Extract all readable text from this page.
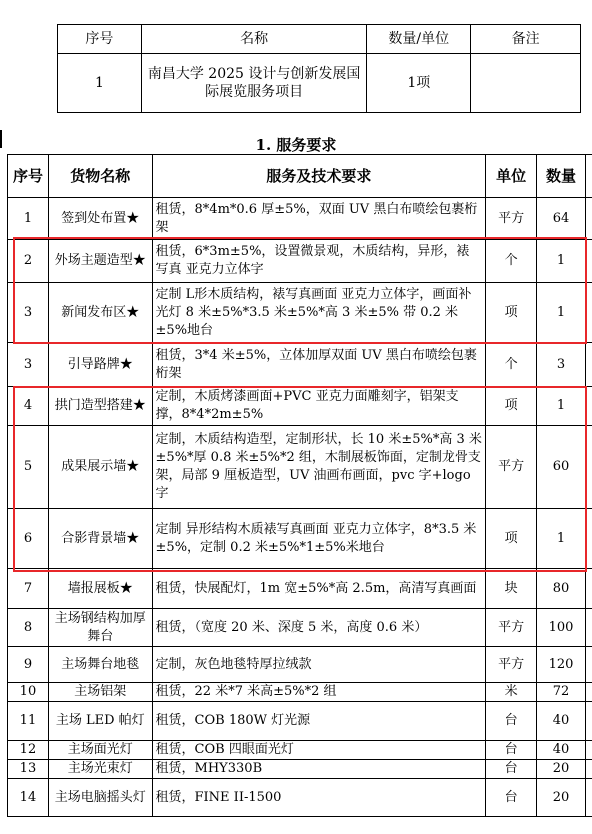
序号	名称	数量/单位	备注
1	南昌大学 2025 设计与创新发展国际展览服务项目	1项	
1. 服务要求
序号	货物名称	服务及技术要求	单位	数量	
1	签到处布置★	租赁，8*4m*0.6 厚±5%，双面 UV 黑白布喷绘包裹桁架	平方	64	
2	外场主题造型★	租赁，6*3m±5%，设置微景观，木质结构，异形，裱写真 亚克力立体字	个	1	
3	新闻发布区★	定制 L形木质结构，裱写真画面 亚克力立体字，画面补光灯 8 米±5%*3.5 米±5%*高 3 米±5% 带 0.2 米±5%地台	项	1	
3	引导路牌★	租赁，3*4 米±5%，立体加厚双面 UV 黑白布喷绘包裹桁架	个	3	
4	拱门造型搭建★	定制，木质烤漆画面+PVC 亚克力面雕刻字，铝架支撑，8*4*2m±5%	项	1	
5	成果展示墙★	定制，木质结构造型，定制形状，长 10 米±5%*高 3 米±5%*厚 0.8 米±5%*2 组，木制展板饰面，定制龙骨支架，局部 9 厘板造型，UV 油画布画面，pvc 字+logo 字	平方	60	
6	合影背景墙★	定制 异形结构木质裱写真画面 亚克力立体字，8*3.5 米±5%，定制 0.2 米±5%*1±5%米地台	项	1	
7	墙报展板★	租赁，快展配灯，1m 宽±5%*高 2.5m，高清写真画面	块	80	
8	主场钢结构加厚舞台	租赁，（宽度 20 米、深度 5 米，高度 0.6 米）	平方	100	
9	主场舞台地毯	定制，灰色地毯特厚拉绒款	平方	120	
10	主场铝架	租赁，22 米*7 米高±5%*2 组	米	72	
11	主场 LED 帕灯	租赁，COB 180W 灯光源	台	40	
12	主场面光灯	租赁，COB 四眼面光灯	台	40	
13	主场光束灯	租赁，MHY330B	台	20	
14	主场电脑摇头灯	租赁，FINE II-1500	台	20	
